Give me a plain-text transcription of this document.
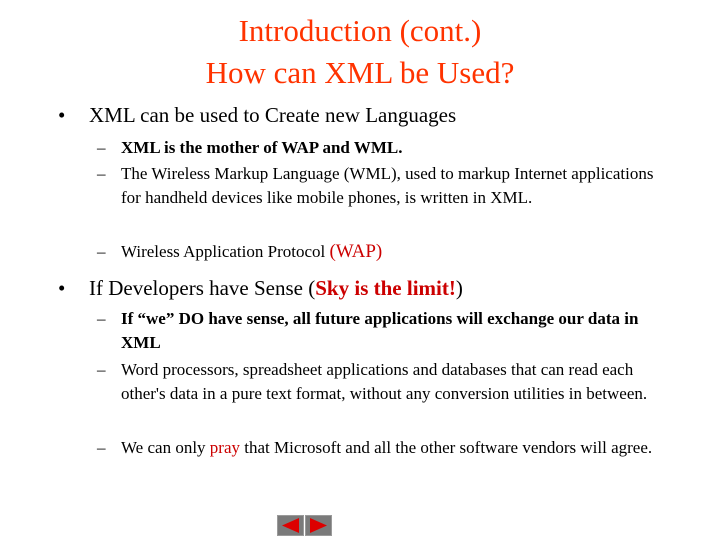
Introduction (cont.)
How can XML be Used?
• XML can be used to Create new Languages
– XML is the mother of WAP and WML.
– The Wireless Markup Language (WML), used to markup Internet applications for handheld devices like mobile phones, is written in XML.
– Wireless Application Protocol (WAP)
• If Developers have Sense (Sky is the limit!)
– If “we” DO have sense, all future applications will exchange our data in XML
– Word processors, spreadsheet applications and databases that can read each other's data in a pure text format, without any conversion utilities in between.
– We can only pray that Microsoft and all the other software vendors will agree.
